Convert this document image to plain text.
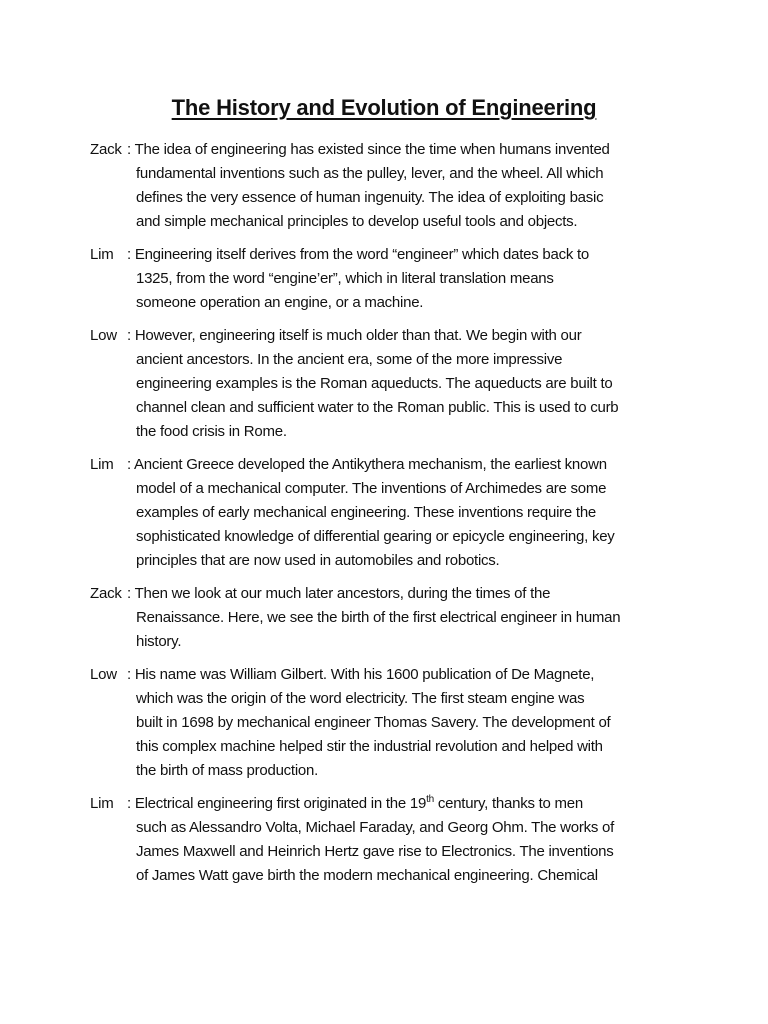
The History and Evolution of Engineering
Zack : The idea of engineering has existed since the time when humans invented
fundamental inventions such as the pulley, lever, and the wheel. All which
defines the very essence of human ingenuity. The idea of exploiting basic
and simple mechanical principles to develop useful tools and objects.
Lim : Engineering itself derives from the word “engineer” which dates back to
1325, from the word “engine’er”, which in literal translation means
someone operation an engine, or a machine.
Low : However, engineering itself is much older than that. We begin with our
ancient ancestors. In the ancient era, some of the more impressive
engineering examples is the Roman aqueducts. The aqueducts are built to
channel clean and sufficient water to the Roman public. This is used to curb
the food crisis in Rome.
Lim : Ancient Greece developed the Antikythera mechanism, the earliest known
model of a mechanical computer. The inventions of Archimedes are some
examples of early mechanical engineering. These inventions require the
sophisticated knowledge of differential gearing or epicycle engineering, key
principles that are now used in automobiles and robotics.
Zack : Then we look at our much later ancestors, during the times of the
Renaissance. Here, we see the birth of the first electrical engineer in human
history.
Low : His name was William Gilbert. With his 1600 publication of De Magnete,
which was the origin of the word electricity. The first steam engine was
built in 1698 by mechanical engineer Thomas Savery. The development of
this complex machine helped stir the industrial revolution and helped with
the birth of mass production.
Lim : Electrical engineering first originated in the 19th century, thanks to men
such as Alessandro Volta, Michael Faraday, and Georg Ohm. The works of
James Maxwell and Heinrich Hertz gave rise to Electronics. The inventions
of James Watt gave birth the modern mechanical engineering. Chemical
